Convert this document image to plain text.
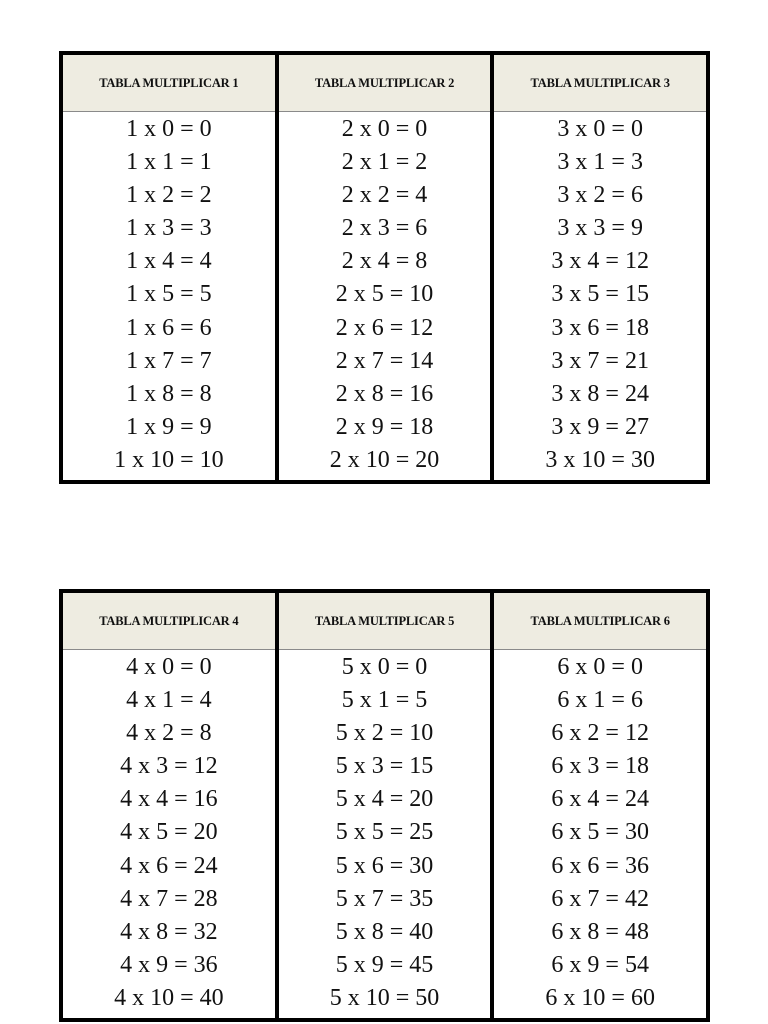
TABLA MULTIPLICAR 1
1 x 0 = 0
1 x 1 = 1
1 x 2 = 2
1 x 3 = 3
1 x 4 = 4
1 x 5 = 5
1 x 6 = 6
1 x 7 = 7
1 x 8 = 8
1 x 9 = 9
1 x 10 = 10
TABLA MULTIPLICAR 2
2 x 0 = 0
2 x 1 = 2
2 x 2 = 4
2 x 3 = 6
2 x 4 = 8
2 x 5 = 10
2 x 6 = 12
2 x 7 = 14
2 x 8 = 16
2 x 9 = 18
2 x 10 = 20
TABLA MULTIPLICAR 3
3 x 0 = 0
3 x 1 = 3
3 x 2 = 6
3 x 3 = 9
3 x 4 = 12
3 x 5 = 15
3 x 6 = 18
3 x 7 = 21
3 x 8 = 24
3 x 9 = 27
3 x 10 = 30
TABLA MULTIPLICAR 4
4 x 0 = 0
4 x 1 = 4
4 x 2 = 8
4 x 3 = 12
4 x 4 = 16
4 x 5 = 20
4 x 6 = 24
4 x 7 = 28
4 x 8 = 32
4 x 9 = 36
4 x 10 = 40
TABLA MULTIPLICAR 5
5 x 0 = 0
5 x 1 = 5
5 x 2 = 10
5 x 3 = 15
5 x 4 = 20
5 x 5 = 25
5 x 6 = 30
5 x 7 = 35
5 x 8 = 40
5 x 9 = 45
5 x 10 = 50
TABLA MULTIPLICAR 6
6 x 0 = 0
6 x 1 = 6
6 x 2 = 12
6 x 3 = 18
6 x 4 = 24
6 x 5 = 30
6 x 6 = 36
6 x 7 = 42
6 x 8 = 48
6 x 9 = 54
6 x 10 = 60
